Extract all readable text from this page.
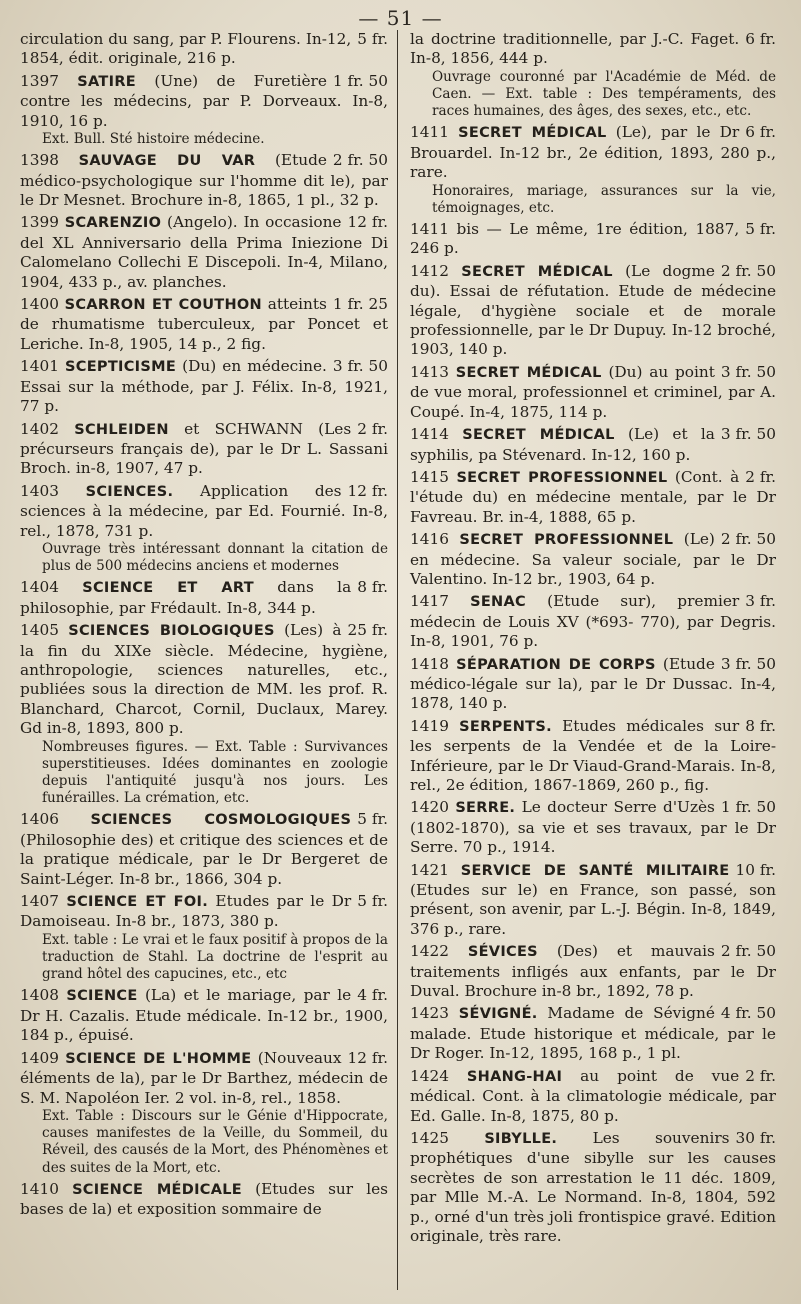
— 51 —
5 fr.
circulation du sang, par P. Flourens. In-12, 1854, édit. originale, 216 p.
1 fr. 50
1397 SATIRE (Une) de Furetière contre les médecins, par P. Dorveaux. In-8, 1910, 16 p.
Ext. Bull. Sté histoire médecine.
2 fr. 50
1398 SAUVAGE DU VAR (Etude médico-psychologique sur l'homme dit le), par le Dr Mesnet. Brochure in-8, 1865, 1 pl., 32 p.
12 fr.
1399 SCARENZIO (Angelo). In occasione del XL Anniversario della Prima Iniezione Di Calomelano Collechi E Discepoli. In-4, Milano, 1904, 433 p., av. planches.
1 fr. 25
1400 SCARRON ET COUTHON atteints de rhumatisme tuberculeux, par Poncet et Leriche. In-8, 1905, 14 p., 2 fig.
3 fr. 50
1401 SCEPTICISME (Du) en médecine. Essai sur la méthode, par J. Félix. In-8, 1921, 77 p.
2 fr.
1402 SCHLEIDEN et SCHWANN (Les précurseurs français de), par le Dr L. Sassani Broch. in-8, 1907, 47 p.
12 fr.
1403 SCIENCES. Application des sciences à la médecine, par Ed. Fournié. In-8, rel., 1878, 731 p.
Ouvrage très intéressant donnant la citation de plus de 500 médecins anciens et modernes
8 fr.
1404 SCIENCE ET ART dans la philosophie, par Frédault. In-8, 344 p.
25 fr.
1405 SCIENCES BIOLOGIQUES (Les) à la fin du XIXe siècle. Médecine, hygiène, anthropologie, sciences naturelles, etc., publiées sous la direction de MM. les prof. R. Blanchard, Charcot, Cornil, Duclaux, Marey. Gd in-8, 1893, 800 p.
Nombreuses figures. — Ext. Table : Survivances superstitieuses. Idées dominantes en zoologie depuis l'antiquité jusqu'à nos jours. Les funérailles. La crémation, etc.
5 fr.
1406 SCIENCES COSMOLOGIQUES (Philosophie des) et critique des sciences et de la pratique médicale, par le Dr Bergeret de Saint-Léger. In-8 br., 1866, 304 p.
5 fr.
1407 SCIENCE ET FOI. Etudes par le Dr Damoiseau. In-8 br., 1873, 380 p.
Ext. table : Le vrai et le faux positif à propos de la traduction de Stahl. La doctrine de l'esprit au grand hôtel des capucines, etc., etc
4 fr.
1408 SCIENCE (La) et le mariage, par le Dr H. Cazalis. Etude médicale. In-12 br., 1900, 184 p., épuisé.
12 fr.
1409 SCIENCE DE L'HOMME (Nouveaux éléments de la), par le Dr Barthez, médecin de S. M. Napoléon Ier. 2 vol. in-8, rel., 1858.
Ext. Table : Discours sur le Génie d'Hippocrate, causes manifestes de la Veille, du Sommeil, du Réveil, des causés de la Mort, des Phénomènes et des suites de la Mort, etc.
1410 SCIENCE MÉDICALE (Etudes sur les bases de la) et exposition sommaire de
6 fr.
la doctrine traditionnelle, par J.-C. Faget. In-8, 1856, 444 p.
Ouvrage couronné par l'Académie de Méd. de Caen. — Ext. table : Des tempéraments, des races humaines, des âges, des sexes, etc., etc.
6 fr.
1411 SECRET MÉDICAL (Le), par le Dr Brouardel. In-12 br., 2e édition, 1893, 280 p., rare.
Honoraires, mariage, assurances sur la vie, témoignages, etc.
5 fr.
1411 bis — Le même, 1re édition, 1887, 246 p.
2 fr. 50
1412 SECRET MÉDICAL (Le dogme du). Essai de réfutation. Etude de médecine légale, d'hygiène sociale et de morale professionnelle, par le Dr Dupuy. In-12 broché, 1903, 140 p.
3 fr. 50
1413 SECRET MÉDICAL (Du) au point de vue moral, professionnel et criminel, par A. Coupé. In-4, 1875, 114 p.
3 fr. 50
1414 SECRET MÉDICAL (Le) et la syphilis, pa Stévenard. In-12, 160 p.
2 fr.
1415 SECRET PROFESSIONNEL (Cont. à l'étude du) en médecine mentale, par le Dr Favreau. Br. in-4, 1888, 65 p.
2 fr. 50
1416 SECRET PROFESSIONNEL (Le) en médecine. Sa valeur sociale, par le Dr Valentino. In-12 br., 1903, 64 p.
3 fr.
1417 SENAC (Etude sur), premier médecin de Louis XV (*693- 770), par Degris. In-8, 1901, 76 p.
3 fr. 50
1418 SÉPARATION DE CORPS (Etude médico-légale sur la), par le Dr Dussac. In-4, 1878, 140 p.
8 fr.
1419 SERPENTS. Etudes médicales sur les serpents de la Vendée et de la Loire-Inférieure, par le Dr Viaud-Grand-Marais. In-8, rel., 2e édition, 1867-1869, 260 p., fig.
1 fr. 50
1420 SERRE. Le docteur Serre d'Uzès (1802-1870), sa vie et ses travaux, par le Dr Serre. 70 p., 1914.
10 fr.
1421 SERVICE DE SANTÉ MILITAIRE (Etudes sur le) en France, son passé, son présent, son avenir, par L.-J. Bégin. In-8, 1849, 376 p., rare.
2 fr. 50
1422 SÉVICES (Des) et mauvais traitements infligés aux enfants, par le Dr Duval. Brochure in-8 br., 1892, 78 p.
4 fr. 50
1423 SÉVIGNÉ. Madame de Sévigné malade. Etude historique et médicale, par le Dr Roger. In-12, 1895, 168 p., 1 pl.
2 fr.
1424 SHANG-HAI au point de vue médical. Cont. à la climatologie médicale, par Ed. Galle. In-8, 1875, 80 p.
30 fr.
1425 SIBYLLE. Les souvenirs prophétiques d'une sibylle sur les causes secrètes de son arrestation le 11 déc. 1809, par Mlle M.-A. Le Normand. In-8, 1804, 592 p., orné d'un très joli frontispice gravé. Edition originale, très rare.
